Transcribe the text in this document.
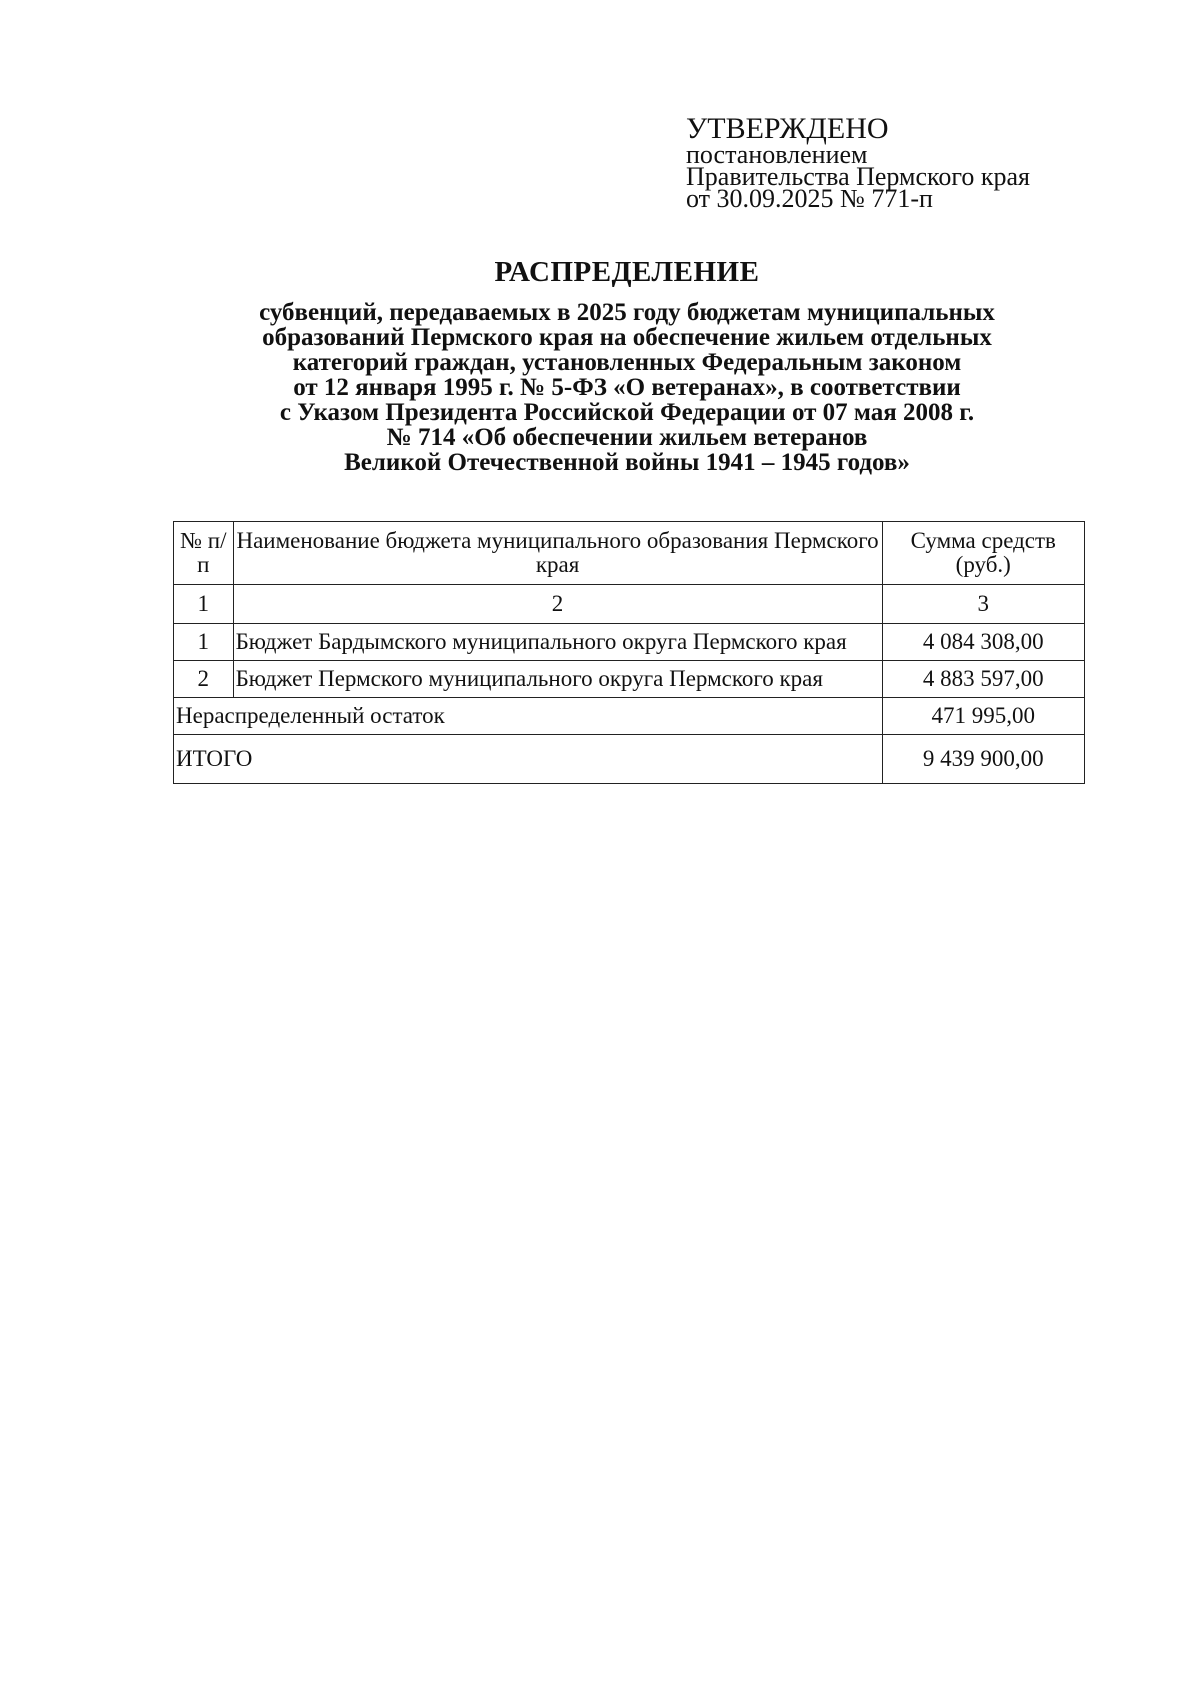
УТВЕРЖДЕНО
постановлением
Правительства Пермского края
от 30.09.2025 № 771-п
РАСПРЕДЕЛЕНИЕ
субвенций, передаваемых в 2025 году бюджетам муниципальных
образований Пермского края на обеспечение жильем отдельных
категорий граждан, установленных Федеральным законом
от 12 января 1995 г. № 5-ФЗ «О ветеранах», в соответствии
с Указом Президента Российской Федерации от 07 мая 2008 г.
№ 714 «Об обеспечении жильем ветеранов
Великой Отечественной войны 1941 – 1945 годов»
№ п/п	Наименование бюджета муниципального образования Пермского края	Сумма средств (руб.)
1	2	3
1	Бюджет Бардымского муниципального округа Пермского края	4 084 308,00
2	Бюджет Пермского муниципального округа Пермского края	4 883 597,00
Нераспределенный остаток		471 995,00
ИТОГО		9 439 900,00
